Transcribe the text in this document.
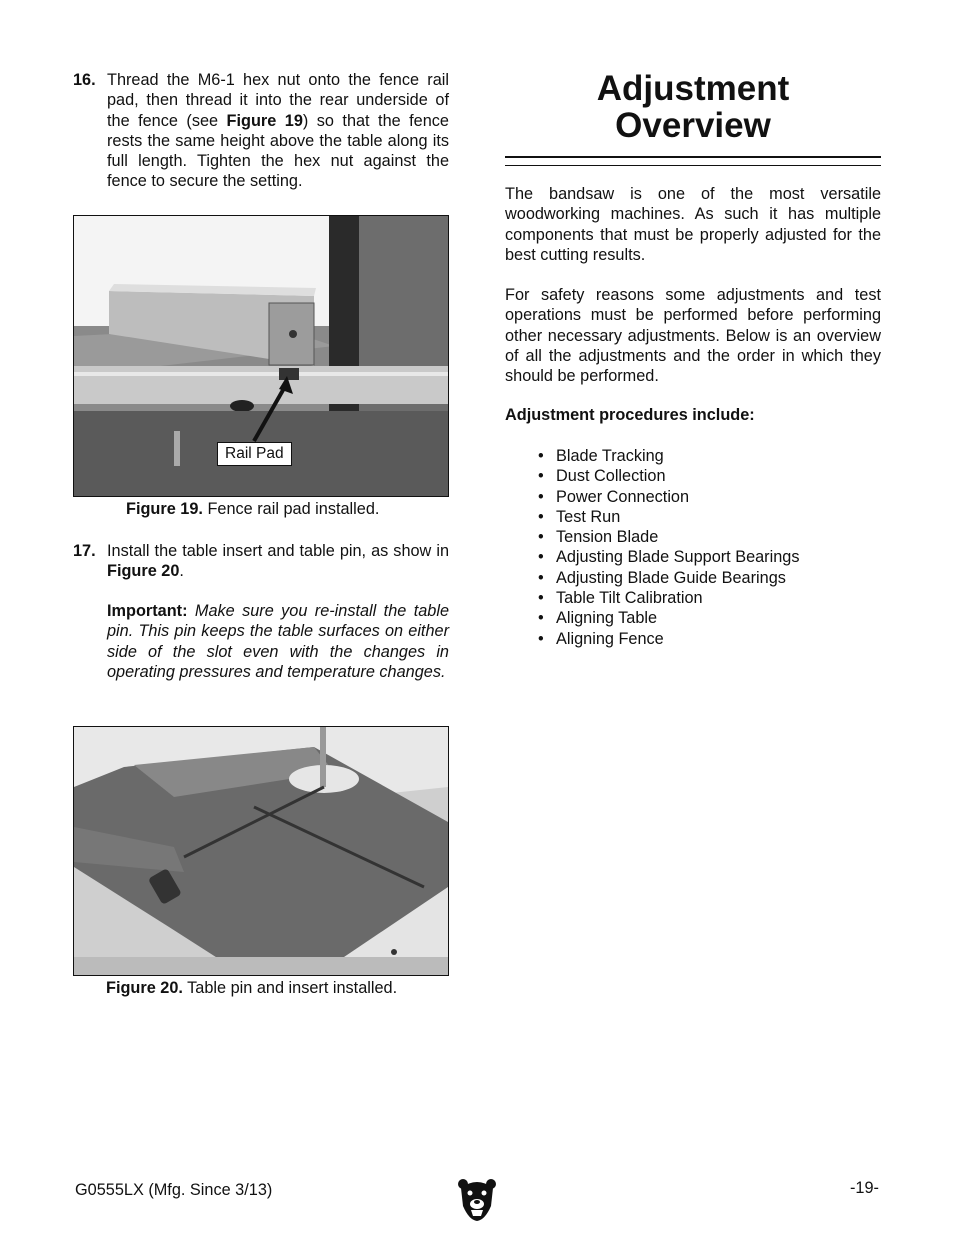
16. Thread the M6-1 hex nut onto the fence rail pad, then thread it into the rear underside of the fence (see Figure 19) so that the fence rests the same height above the table along its full length. Tighten the hex nut against the fence to secure the setting.
Rail Pad
Figure 19. Fence rail pad installed.
17. Install the table insert and table pin, as show in Figure 20.
Important: Make sure you re-install the table pin. This pin keeps the table surfaces on either side of the slot even with the changes in operating pressures and temperature changes.
Figure 20. Table pin and insert installed.
Adjustment
Overview
The bandsaw is one of the most versatile woodworking machines. As such it has multiple components that must be properly adjusted for the best cutting results.
For safety reasons some adjustments and test operations must be performed before performing other necessary adjustments. Below is an overview of all the adjustments and the order in which they should be performed.
Adjustment procedures include:
• Blade Tracking
• Dust Collection
• Power Connection
• Test Run
• Tension Blade
• Adjusting Blade Support Bearings
• Adjusting Blade Guide Bearings
• Table Tilt Calibration
• Aligning Table
• Aligning Fence
G0555LX (Mfg. Since 3/13)	-19-
